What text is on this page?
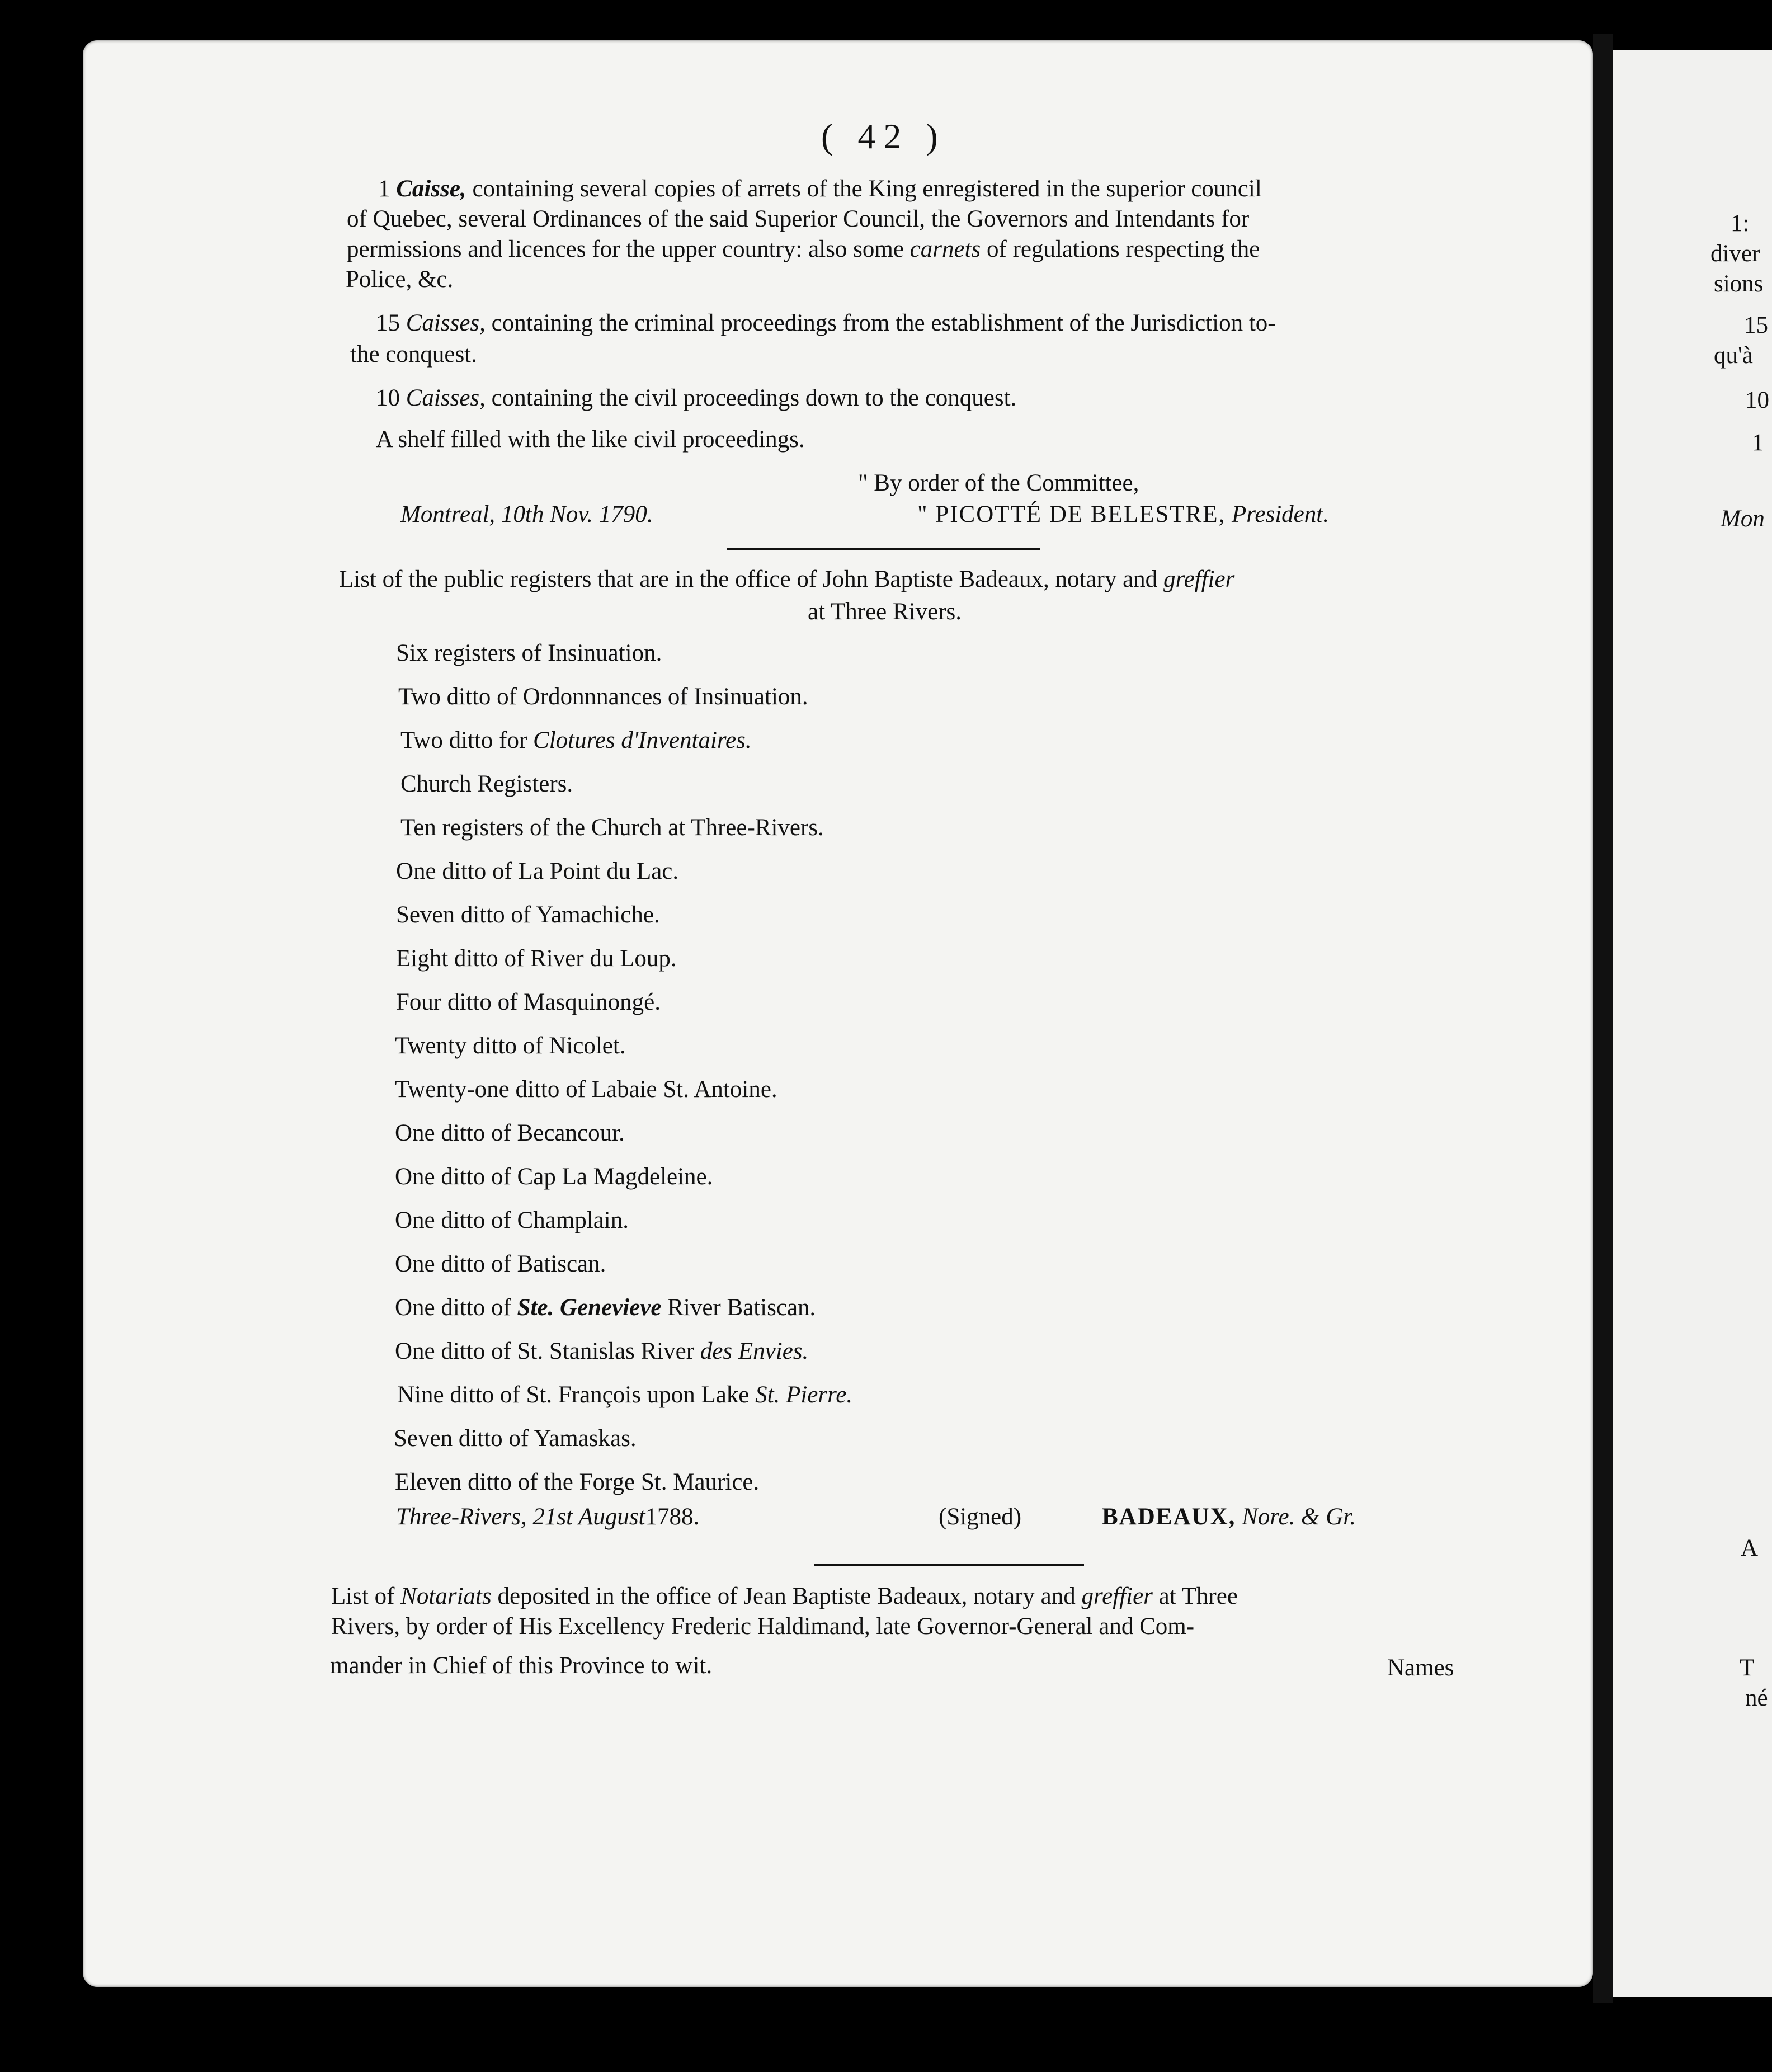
( 42 )
1 Caisse, containing several copies of arrets of the King enregistered in the superior council
of Quebec, several Ordinances of the said Superior Council, the Governors and Intendants for
permissions and licences for the upper country: also some carnets of regulations respecting the
Police, &c.
15 Caisses, containing the criminal proceedings from the establishment of the Jurisdiction to-
the conquest.
10 Caisses, containing the civil proceedings down to the conquest.
A shelf filled with the like civil proceedings.
" By order of the Committee,
Montreal, 10th Nov. 1790.	" PICOTTÉ DE BELESTRE, President.
List of the public registers that are in the office of John Baptiste Badeaux, notary and greffier
at Three Rivers.
Six registers of Insinuation.
Two ditto of Ordonnnances of Insinuation.
Two ditto for Clotures d'Inventaires.
Church Registers.
Ten registers of the Church at Three-Rivers.
One ditto of La Point du Lac.
Seven ditto of Yamachiche.
Eight ditto of River du Loup.
Four ditto of Masquinongé.
Twenty ditto of Nicolet.
Twenty-one ditto of Labaie St. Antoine.
One ditto of Becancour.
One ditto of Cap La Magdeleine.
One ditto of Champlain.
One ditto of Batiscan.
One ditto of Ste. Genevieve River Batiscan.
One ditto of St. Stanislas River des Envies.
Nine ditto of St. François upon Lake St. Pierre.
Seven ditto of Yamaskas.
Eleven ditto of the Forge St. Maurice.
Three-Rivers, 21st August1788.	(Signed)	BADEAUX, Nore. & Gr.
List of Notariats deposited in the office of Jean Baptiste Badeaux, notary and greffier at Three
Rivers, by order of His Excellency Frederic Haldimand, late Governor-General and Com-
mander in Chief of this Province to wit.	Names
1:
diver
sions
15
qu'à
10
1
Mon
A
T
né
